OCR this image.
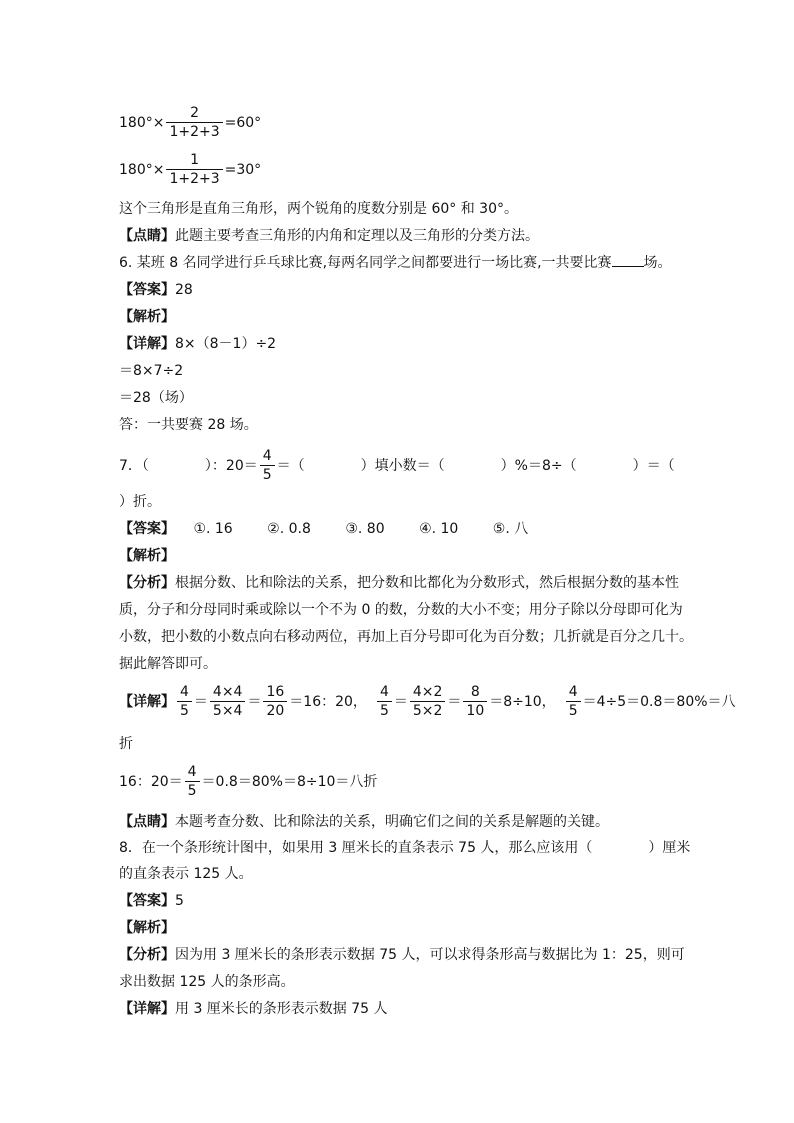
$180^\circ\times \frac{2}{1+2+3} =60^\circ$
$180^\circ\times \frac{1}{1+2+3} =30^\circ$
这个三角形是直角三角形，两个锐角的度数分别是 60° 和 30°。
【点睛】此题主要考查三角形的内角和定理以及三角形的分类方法。
6. 某班 8 名同学进行乒乓球比赛,每两名同学之间都要进行一场比赛,一共要比赛 场。
【答案】28
【解析】
【详解】8×（8－1）÷2
＝8×7÷2
＝28（场）
答：一共要赛 28 场。
7．（　　　　）：$20= \frac{4}{5}$ ＝（　　　　）填小数＝（　　　　）%＝8÷（　　　　）＝（
）折。
【答案】 ①. 16 ②. 0.8 ③. 80 ④. 10 ⑤. 八
【解析】
【分析】根据分数、比和除法的关系，把分数和比都化为分数形式，然后根据分数的基本性
质，分子和分母同时乘或除以一个不为 0 的数，分数的大小不变；用分子除以分母即可化为
小数，把小数的小数点向右移动两位，再加上百分号即可化为百分数；几折就是百分之几十。
据此解答即可。
【详解】 $\frac{4}{5} = \frac{4\times 4}{5\times 4} = \frac{16}{20} =16$：20， $\frac{4}{5} = \frac{4\times 2}{5\times 2} = \frac{8}{10} =8\div 10$， $\frac{4}{5} =4\div 5=0.8=80\%=$八
折
16：$20= \frac{4}{5} =0.8=80\%=8\div 10=$八折
【点睛】本题考查分数、比和除法的关系，明确它们之间的关系是解题的关键。
8．在一个条形统计图中，如果用 3 厘米长的直条表示 75 人，那么应该用（　　　　）厘米
的直条表示 125 人。
【答案】5
【解析】
【分析】因为用 3 厘米长的条形表示数据 75 人，可以求得条形高与数据比为 1：25，则可
求出数据 125 人的条形高。
【详解】用 3 厘米长的条形表示数据 75 人
